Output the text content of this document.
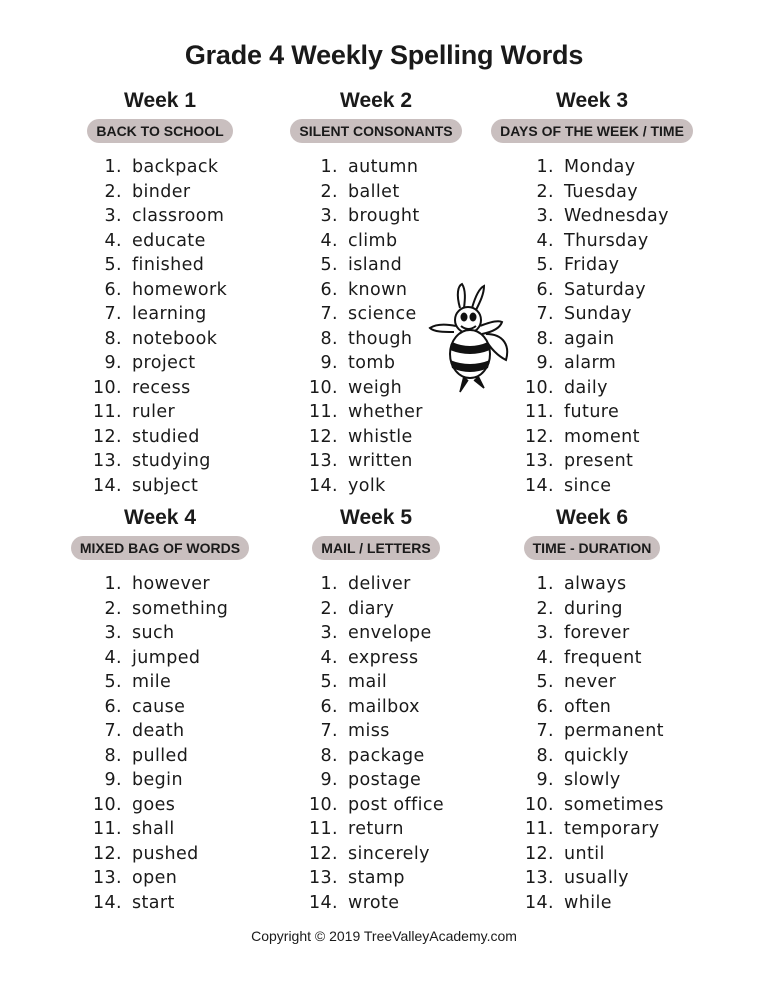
Grade 4 Weekly Spelling Words
Week 1
BACK TO SCHOOL
1. backpack
2. binder
3. classroom
4. educate
5. finished
6. homework
7. learning
8. notebook
9. project
10. recess
11. ruler
12. studied
13. studying
14. subject
Week 2
SILENT CONSONANTS
1. autumn
2. ballet
3. brought
4. climb
5. island
6. known
7. science
8. though
9. tomb
10. weigh
11. whether
12. whistle
13. written
14. yolk
Week 3
DAYS OF THE WEEK / TIME
1. Monday
2. Tuesday
3. Wednesday
4. Thursday
5. Friday
6. Saturday
7. Sunday
8. again
9. alarm
10. daily
11. future
12. moment
13. present
14. since
Week 4
MIXED BAG OF WORDS
1. however
2. something
3. such
4. jumped
5. mile
6. cause
7. death
8. pulled
9. begin
10. goes
11. shall
12. pushed
13. open
14. start
Week 5
MAIL / LETTERS
1. deliver
2. diary
3. envelope
4. express
5. mail
6. mailbox
7. miss
8. package
9. postage
10. post office
11. return
12. sincerely
13. stamp
14. wrote
Week 6
TIME - DURATION
1. always
2. during
3. forever
4. frequent
5. never
6. often
7. permanent
8. quickly
9. slowly
10. sometimes
11. temporary
12. until
13. usually
14. while
Copyright © 2019 TreeValleyAcademy.com
